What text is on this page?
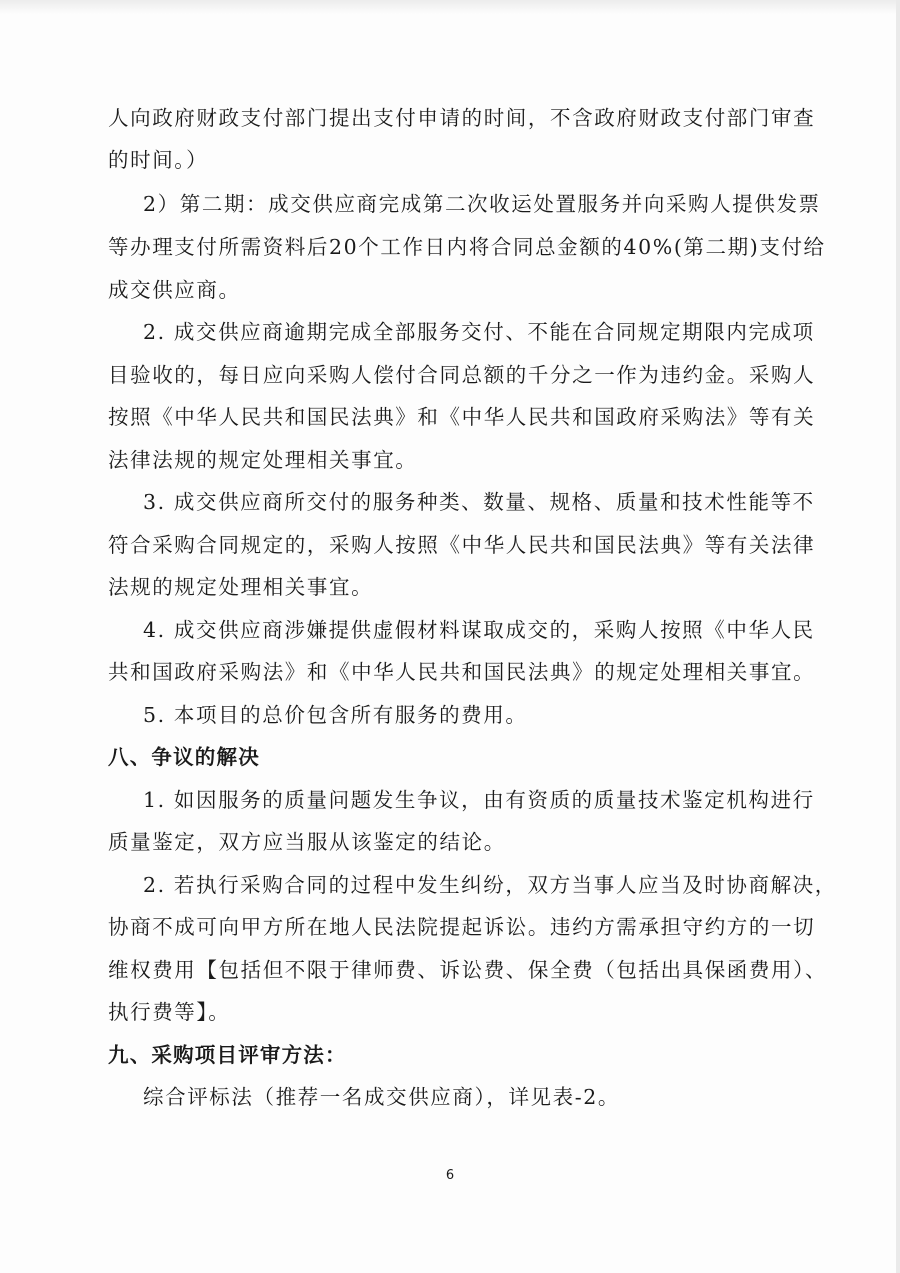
人向政府财政支付部门提出支付申请的时间，不含政府财政支付部门审查
的时间。）
2）第二期：成交供应商完成第二次收运处置服务并向采购人提供发票
等办理支付所需资料后20个工作日内将合同总金额的40%(第二期)支付给
成交供应商。
2. 成交供应商逾期完成全部服务交付、不能在合同规定期限内完成项
目验收的，每日应向采购人偿付合同总额的千分之一作为违约金。采购人
按照《中华人民共和国民法典》和《中华人民共和国政府采购法》等有关
法律法规的规定处理相关事宜。
3. 成交供应商所交付的服务种类、数量、规格、质量和技术性能等不
符合采购合同规定的，采购人按照《中华人民共和国民法典》等有关法律
法规的规定处理相关事宜。
4. 成交供应商涉嫌提供虚假材料谋取成交的，采购人按照《中华人民
共和国政府采购法》和《中华人民共和国民法典》的规定处理相关事宜。
5. 本项目的总价包含所有服务的费用。
八、争议的解决
1. 如因服务的质量问题发生争议，由有资质的质量技术鉴定机构进行
质量鉴定，双方应当服从该鉴定的结论。
2. 若执行采购合同的过程中发生纠纷，双方当事人应当及时协商解决，
协商不成可向甲方所在地人民法院提起诉讼。违约方需承担守约方的一切
维权费用【包括但不限于律师费、诉讼费、保全费（包括出具保函费用）、
执行费等】。
九、采购项目评审方法：
综合评标法（推荐一名成交供应商），详见表-2。
6
